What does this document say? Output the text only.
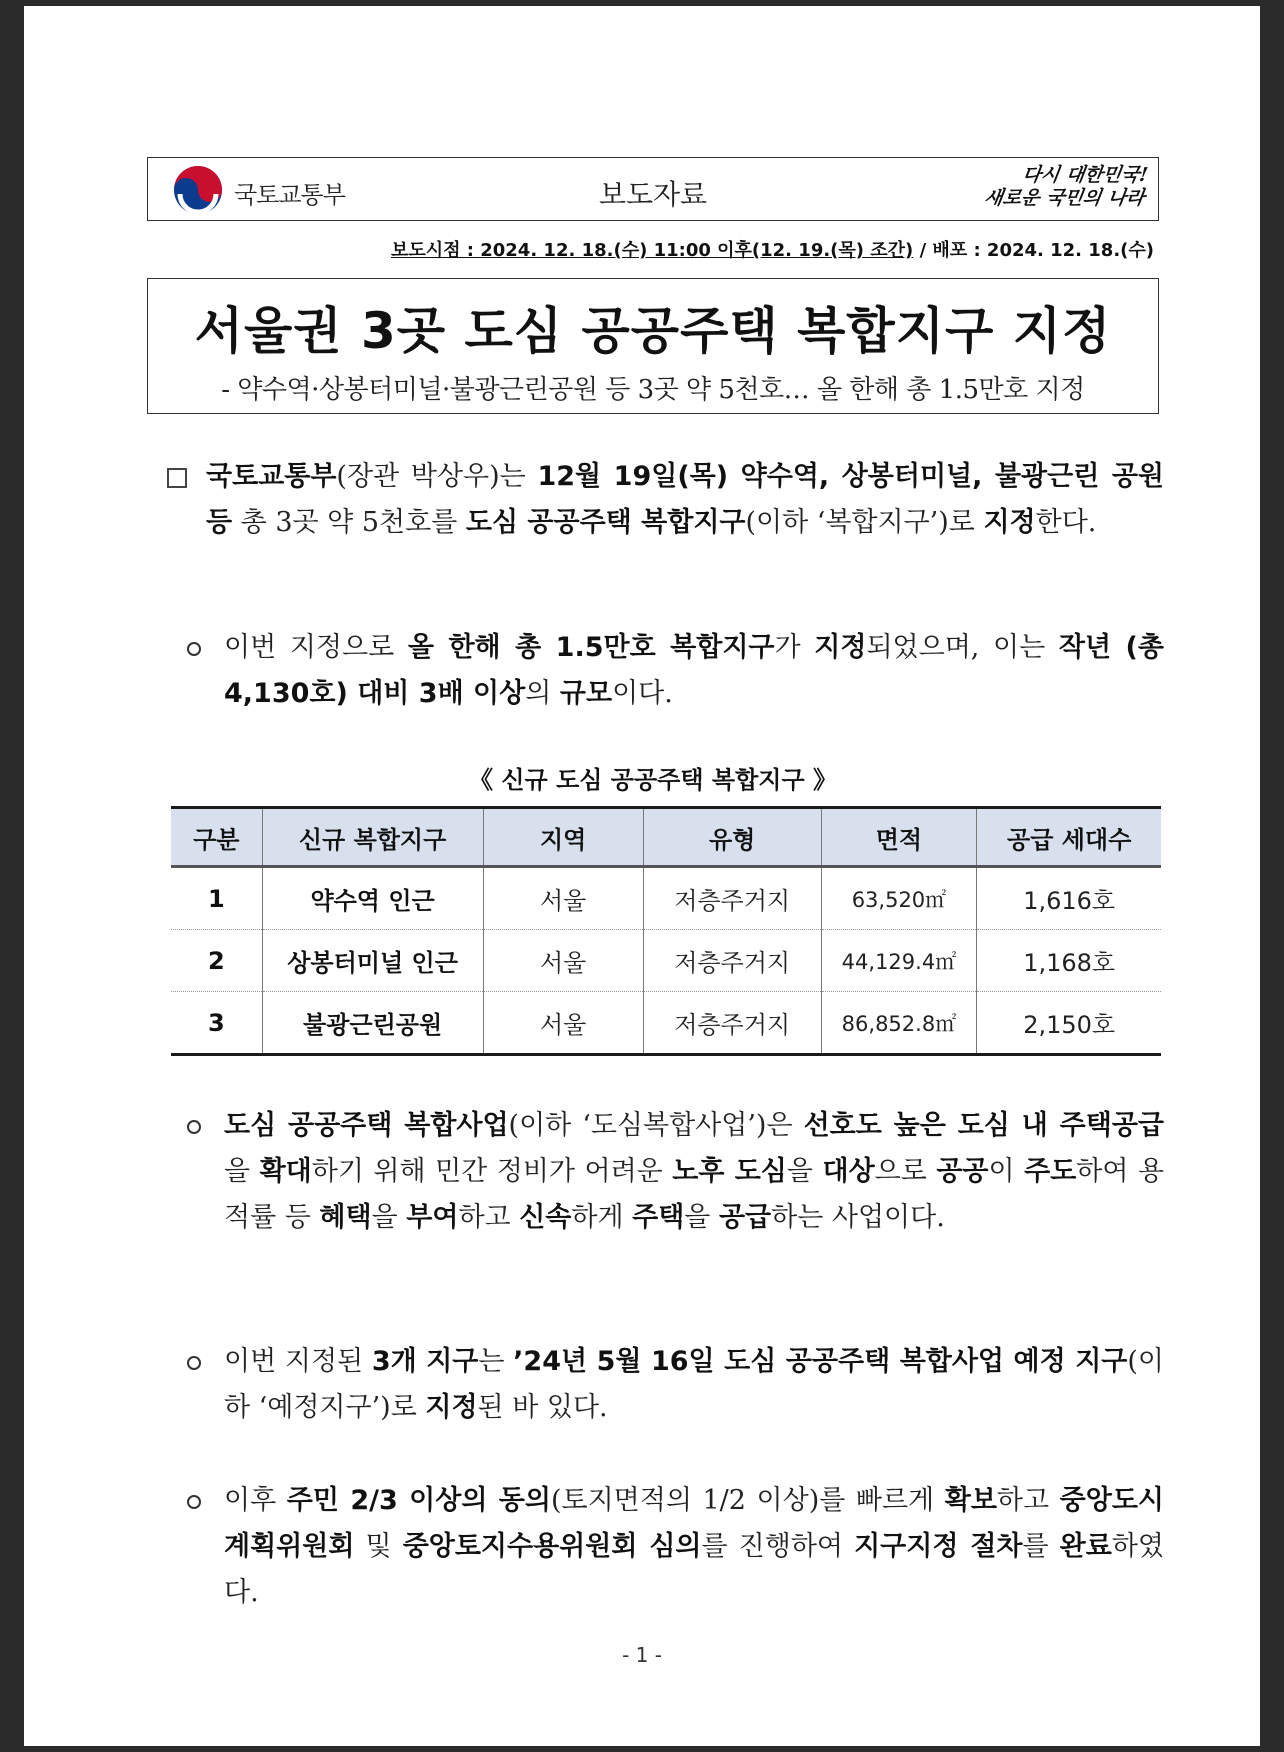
국토교통부	보도자료
다시 대한민국!
새로운 국민의 나라
보도시점 : 2024. 12. 18.(수) 11:00 이후(12. 19.(목) 조간) / 배포 : 2024. 12. 18.(수)
서울권 3곳 도심 공공주택 복합지구 지정
- 약수역·상봉터미널·불광근린공원 등 3곳 약 5천호… 올 한해 총 1.5만호 지정
국토교통부(장관 박상우)는 12월 19일(목) 약수역, 상봉터미널, 불광근린 공원 등 총 3곳 약 5천호를 도심 공공주택 복합지구(이하 ‘복합지구’)로 지정한다.
이번 지정으로 올 한해 총 1.5만호 복합지구가 지정되었으며, 이는 작년 (총 4,130호) 대비 3배 이상의 규모이다.
《 신규 도심 공공주택 복합지구 》
구분	신규 복합지구	지역	유형	면적	공급 세대수
1	약수역 인근	서울	저층주거지	63,520㎡	1,616호
2	상봉터미널 인근	서울	저층주거지	44,129.4㎡	1,168호
3	불광근린공원	서울	저층주거지	86,852.8㎡	2,150호
도심 공공주택 복합사업(이하 ‘도심복합사업’)은 선호도 높은 도심 내 주택공급을 확대하기 위해 민간 정비가 어려운 노후 도심을 대상으로 공공이 주도하여 용적률 등 혜택을 부여하고 신속하게 주택을 공급하는 사업이다.
이번 지정된 3개 지구는 ’24년 5월 16일 도심 공공주택 복합사업 예정 지구(이하 ‘예정지구’)로 지정된 바 있다.
이후 주민 2/3 이상의 동의(토지면적의 1/2 이상)를 빠르게 확보하고 중앙도시계획위원회 및 중앙토지수용위원회 심의를 진행하여 지구지정 절차를 완료하였다.
- 1 -
